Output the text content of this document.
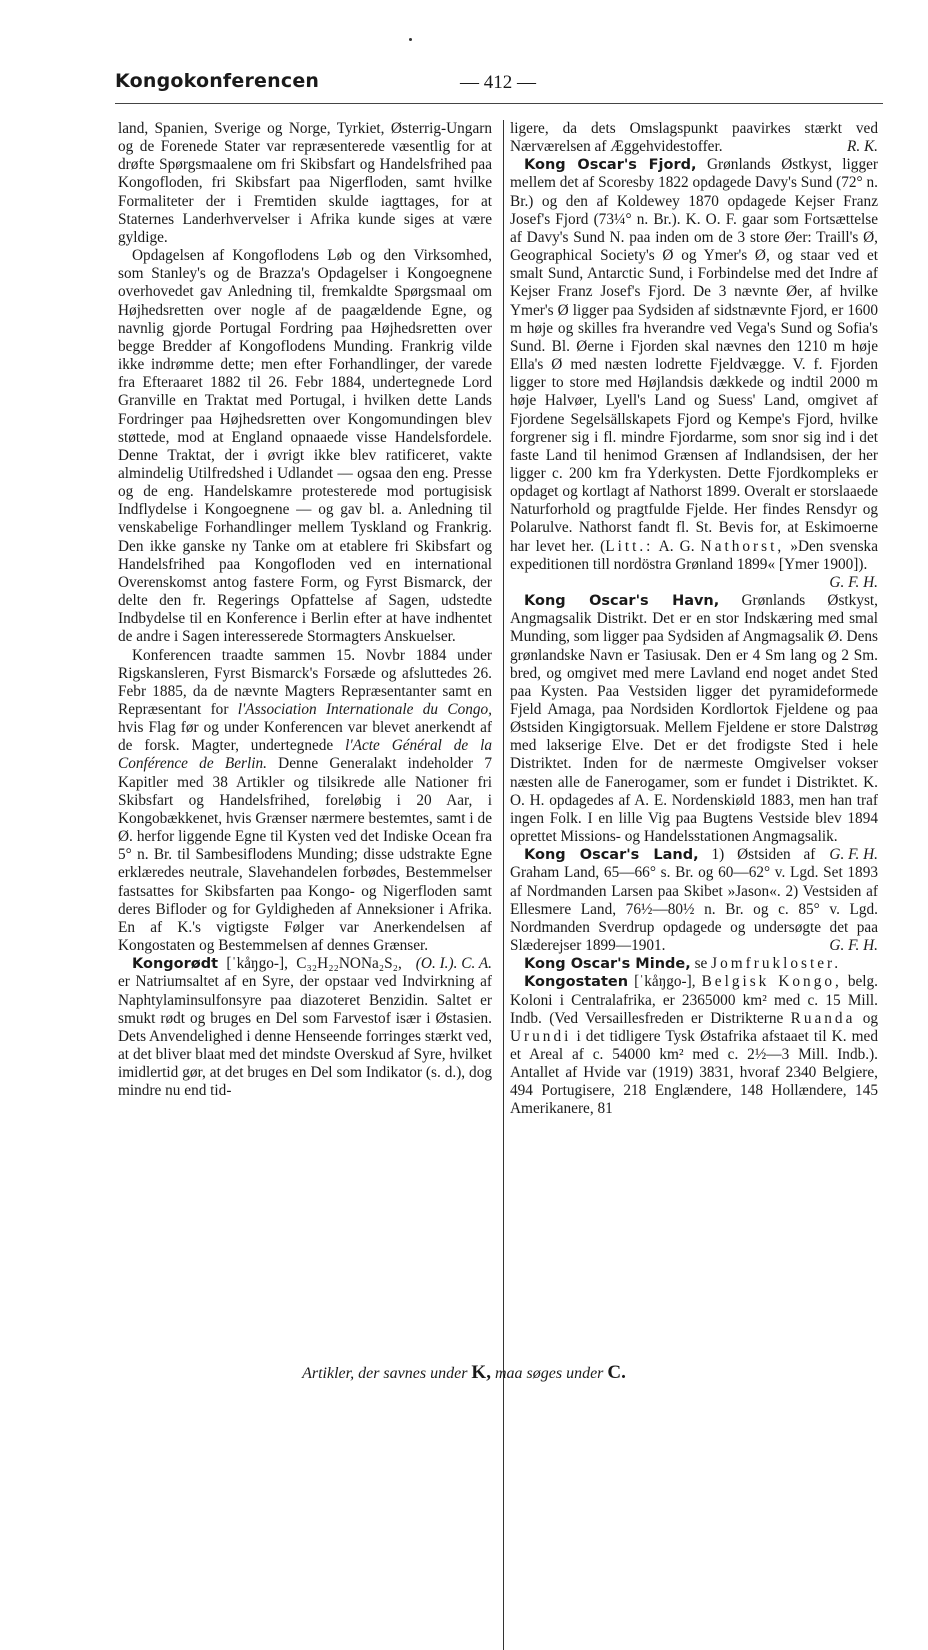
Kongokonferencen	— 412 —

land, Spanien, Sverige og Norge, Tyrkiet, Østerrig-Ungarn og de Forenede Stater var repræsenterede væsentlig for at drøfte Spørgsmaalene om fri Skibsfart og Handelsfrihed paa Kongofloden, fri Skibsfart paa Nigerfloden, samt hvilke Formaliteter der i Fremtiden skulde iagttages, for at Staternes Landerhvervelser i Afrika kunde siges at være gyldige.

Opdagelsen af Kongoflodens Løb og den Virksomhed, som Stanley's og de Brazza's Opdagelser i Kongoegnene overhovedet gav Anledning til, fremkaldte Spørgsmaal om Højhedsretten over nogle af de paagældende Egne, og navnlig gjorde Portugal Fordring paa Højhedsretten over begge Bredder af Kongoflodens Munding. Frankrig vilde ikke indrømme dette; men efter Forhandlinger, der varede fra Efteraaret 1882 til 26. Febr 1884, undertegnede Lord Granville en Traktat med Portugal, i hvilken dette Lands Fordringer paa Højhedsretten over Kongomundingen blev støttede, mod at England opnaaede visse Handelsfordele. Denne Traktat, der i øvrigt ikke blev ratificeret, vakte almindelig Utilfredshed i Udlandet — ogsaa den eng. Presse og de eng. Handelskamre protesterede mod portugisisk Indflydelse i Kongoegnene — og gav bl. a. Anledning til venskabelige Forhandlinger mellem Tyskland og Frankrig. Den ikke ganske ny Tanke om at etablere fri Skibsfart og Handelsfrihed paa Kongofloden ved en international Overenskomst antog fastere Form, og Fyrst Bismarck, der delte den fr. Regerings Opfattelse af Sagen, udstedte Indbydelse til en Konference i Berlin efter at have indhentet de andre i Sagen interesserede Stormagters Anskuelser.

Konferencen traadte sammen 15. Novbr 1884 under Rigskansleren, Fyrst Bismarck's Forsæde og afsluttedes 26. Febr 1885, da de nævnte Magters Repræsentanter samt en Repræsentant for l'Association Internationale du Congo, hvis Flag før og under Konferencen var blevet anerkendt af de forsk. Magter, undertegnede l'Acte Général de la Conférence de Berlin. Denne Generalakt indeholder 7 Kapitler med 38 Artikler og tilsikrede alle Nationer fri Skibsfart og Handelsfrihed, foreløbig i 20 Aar, i Kongobækkenet, hvis Grænser nærmere bestemtes, samt i de Ø. herfor liggende Egne til Kysten ved det Indiske Ocean fra 5° n. Br. til Sambesiflodens Munding; disse udstrakte Egne erklæredes neutrale, Slavehandelen forbødes, Bestemmelser fastsattes for Skibsfarten paa Kongo- og Nigerfloden samt deres Bifloder og for Gyldigheden af Anneksioner i Afrika. En af K.'s vigtigste Følger var Anerkendelsen af Kongostaten og Bestemmelsen af dennes Grænser.
(O. I.). C. A.

Kongorødt [ˈkåŋgo-], C₃₂H₂₂NONa₂S₂, er Natriumsaltet af en Syre, der opstaar ved Indvirkning af Naphtylaminsulfonsyre paa diazoteret Benzidin. Saltet er smukt rødt og bruges en Del som Farvestof især i Østasien. Dets Anvendelighed i denne Henseende forringes stærkt ved, at det bliver blaat med det mindste Overskud af Syre, hvilket imidlertid gør, at det bruges en Del som Indikator (s. d.), dog mindre nu end tid-

ligere, da dets Omslagspunkt paavirkes stærkt ved Nærværelsen af Æggehvidestoffer.	R. K.

Kong Oscar's Fjord, Grønlands Østkyst, ligger mellem det af Scoresby 1822 opdagede Davy's Sund (72° n. Br.) og den af Koldewey 1870 opdagede Kejser Franz Josef's Fjord (73¼° n. Br.). K. O. F. gaar som Fortsættelse af Davy's Sund N. paa inden om de 3 store Øer: Traill's Ø, Geographical Society's Ø og Ymer's Ø, og staar ved et smalt Sund, Antarctic Sund, i Forbindelse med det Indre af Kejser Franz Josef's Fjord. De 3 nævnte Øer, af hvilke Ymer's Ø ligger paa Sydsiden af sidstnævnte Fjord, er 1600 m høje og skilles fra hverandre ved Vega's Sund og Sofia's Sund. Bl. Øerne i Fjorden skal nævnes den 1210 m høje Ella's Ø med næsten lodrette Fjeldvægge. V. f. Fjorden ligger to store med Højlandsis dækkede og indtil 2000 m høje Halvøer, Lyell's Land og Suess' Land, omgivet af Fjordene Segelsällskapets Fjord og Kempe's Fjord, hvilke forgrener sig i fl. mindre Fjordarme, som snor sig ind i det faste Land til henimod Grænsen af Indlandsisen, der her ligger c. 200 km fra Yderkysten. Dette Fjordkompleks er opdaget og kortlagt af Nathorst 1899. Overalt er storslaaede Naturforhold og pragtfulde Fjelde. Her findes Rensdyr og Polarulve. Nathorst fandt fl. St. Bevis for, at Eskimoerne har levet her. (Litt.: A. G. Nathorst, »Den svenska expeditionen till nordöstra Grønland 1899« [Ymer 1900]).
G. F. H.

Kong Oscar's Havn, Grønlands Østkyst, Angmagsalik Distrikt. Det er en stor Indskæring med smal Munding, som ligger paa Sydsiden af Angmagsalik Ø. Dens grønlandske Navn er Tasiusak. Den er 4 Sm lang og 2 Sm. bred, og omgivet med mere Lavland end noget andet Sted paa Kysten. Paa Vestsiden ligger det pyramideformede Fjeld Amaga, paa Nordsiden Kordlortok Fjeldene og paa Østsiden Kingigtorsuak. Mellem Fjeldene er store Dalstrøg med lakserige Elve. Det er det frodigste Sted i hele Distriktet. Inden for de nærmeste Omgivelser vokser næsten alle de Fanerogamer, som er fundet i Distriktet. K. O. H. opdagedes af A. E. Nordenskiøld 1883, men han traf ingen Folk. I en lille Vig paa Bugtens Vestside blev 1894 oprettet Missions- og Handelsstationen Angmagsalik.
G. F. H.

Kong Oscar's Land, 1) Østsiden af Graham Land, 65—66° s. Br. og 60—62° v. Lgd. Set 1893 af Nordmanden Larsen paa Skibet »Jason«. 2) Vestsiden af Ellesmere Land, 76½—80½ n. Br. og c. 85° v. Lgd. Nordmanden Sverdrup opdagede og undersøgte det paa Slæderejser 1899—1901.	G. F. H.

Kong Oscar's Minde, se Jomfrukloster.

Kongostaten [ˈkåŋgo-], Belgisk Kongo, belg. Koloni i Centralafrika, er 2365000 km² med c. 15 Mill. Indb. (Ved Versaillesfreden er Distrikterne Ruanda og Urundi i det tidligere Tysk Østafrika afstaaet til K. med et Areal af c. 54000 km² med c. 2½—3 Mill. Indb.). Antallet af Hvide var (1919) 3831, hvoraf 2340 Belgiere, 494 Portugisere, 218 Englændere, 148 Hollændere, 145 Amerikanere, 81

Artikler, der savnes under K, maa søges under C.
